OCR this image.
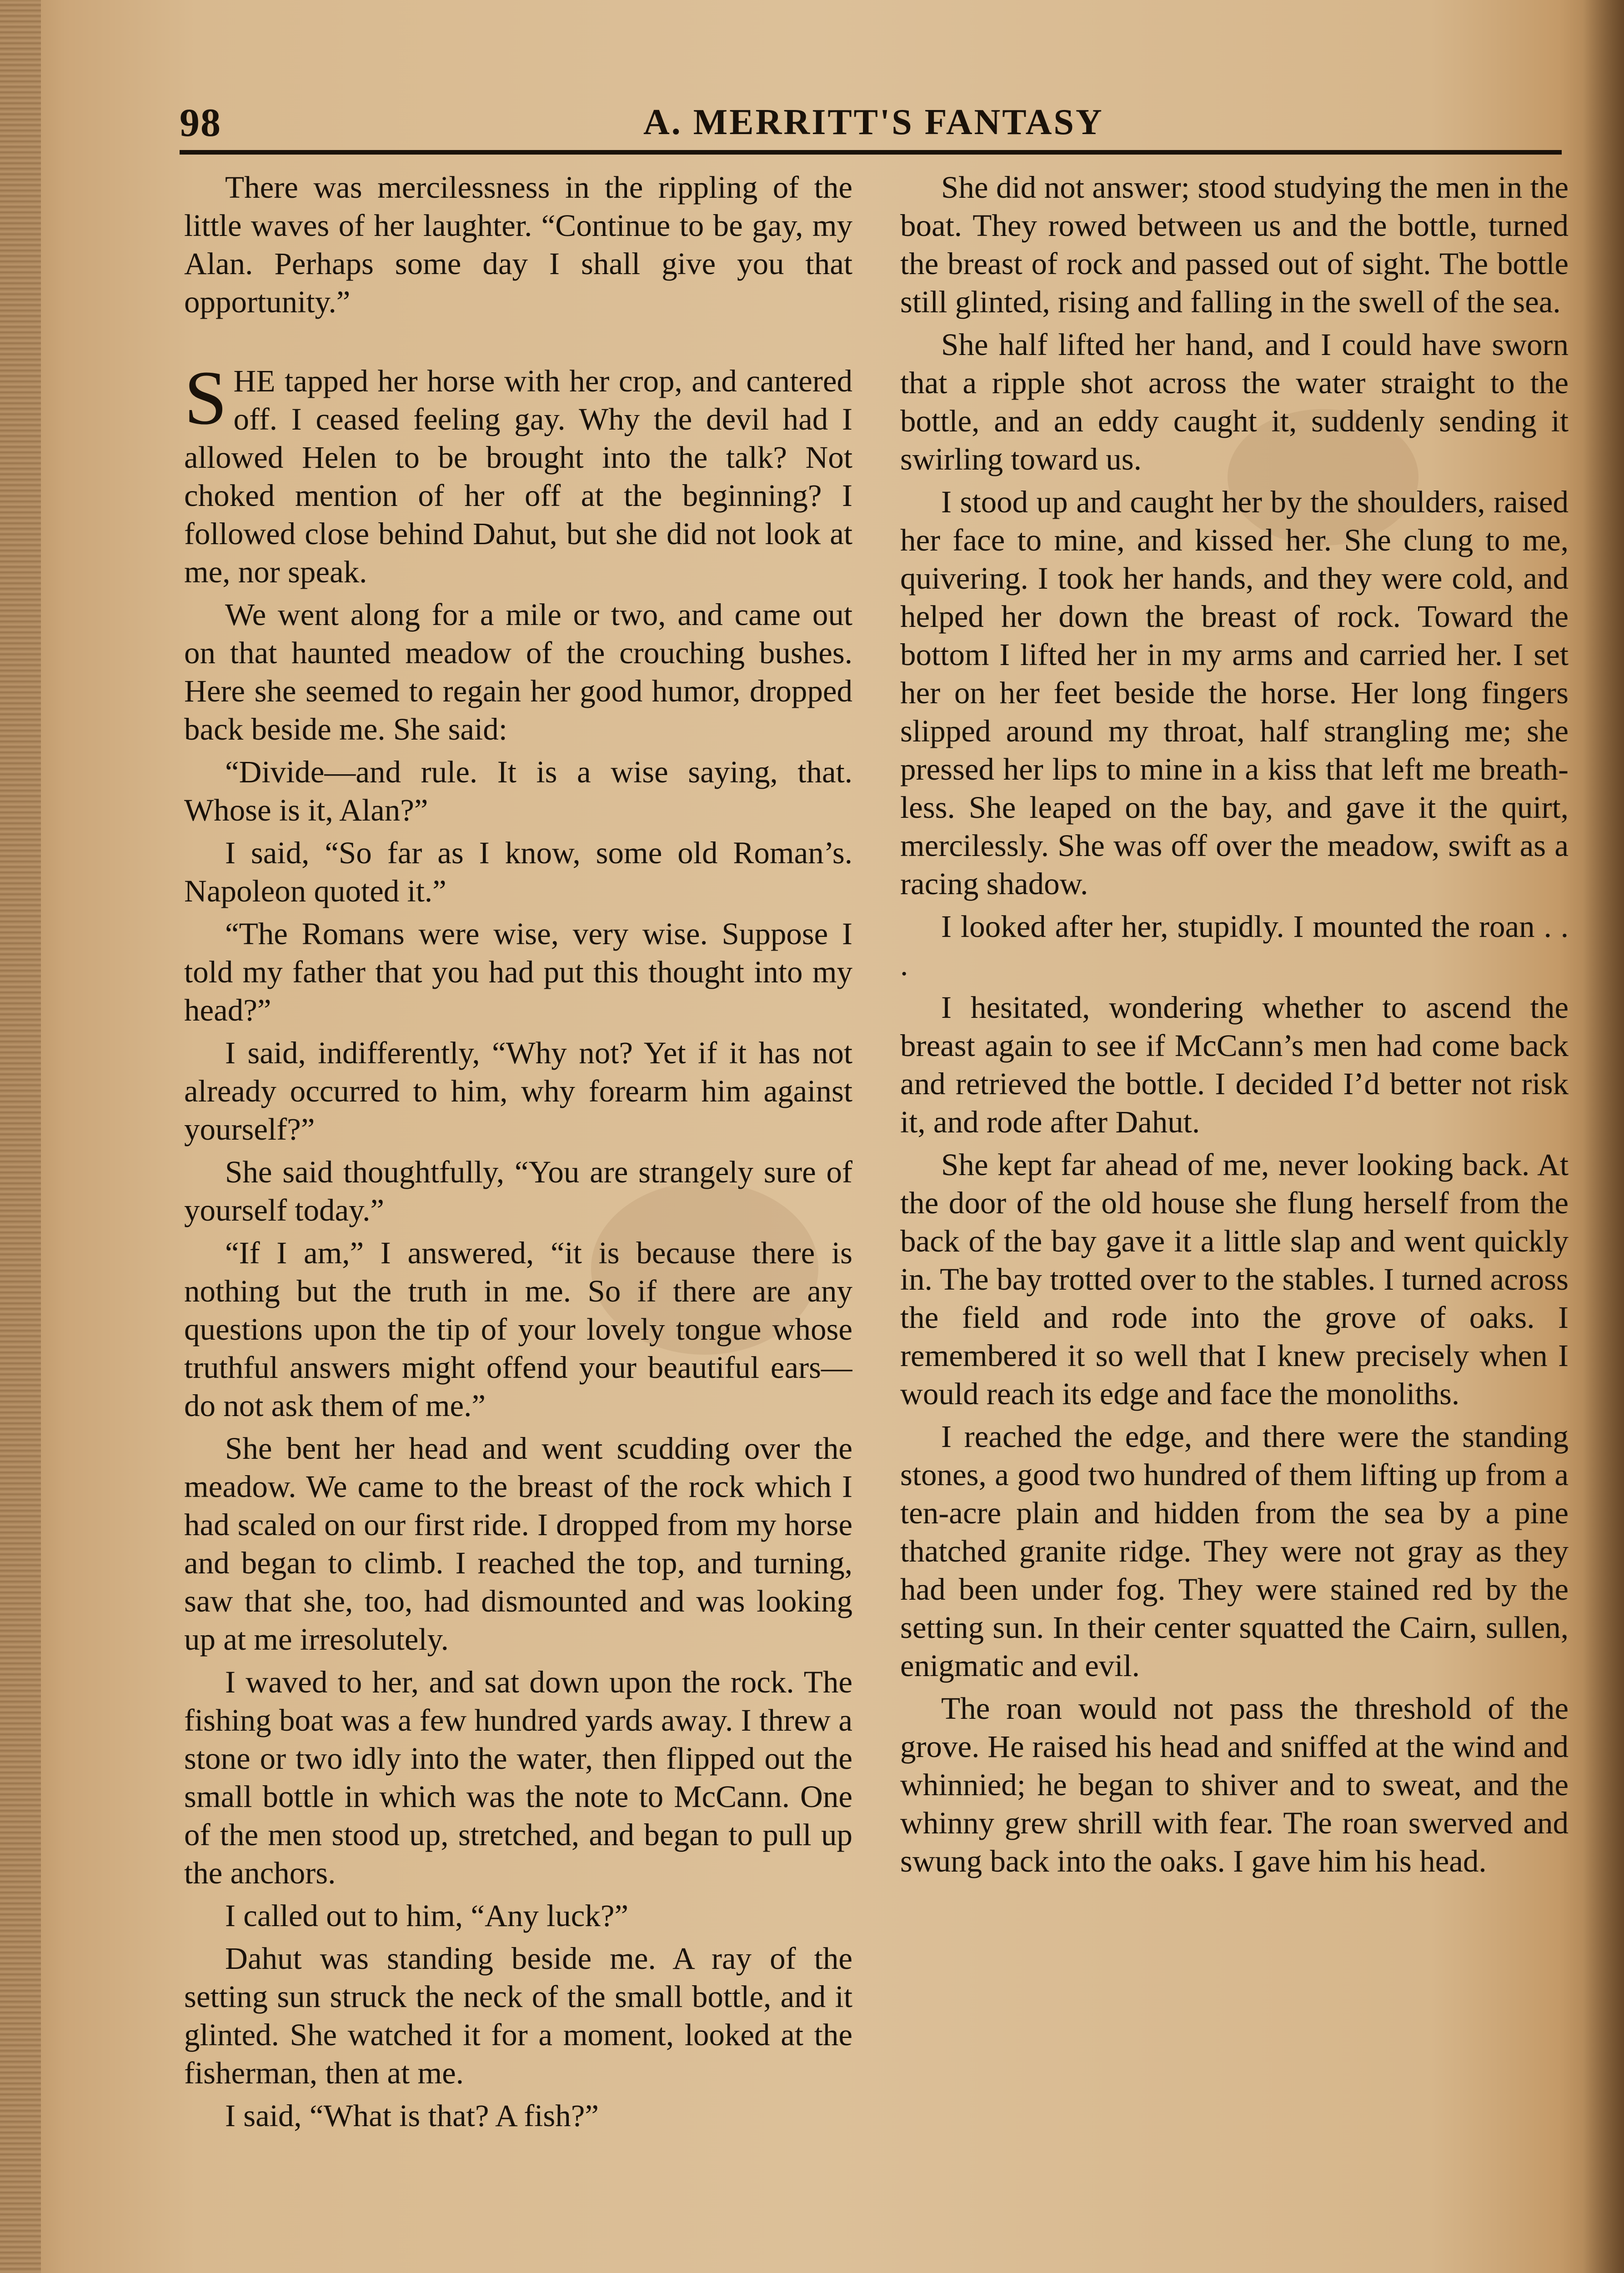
98	A. MERRITT'S FANTASY

There was mercilessness in the rippling of the little waves of her laughter. “Continue to be gay, my Alan. Perhaps some day I shall give you that opportunity.”

SHE tapped her horse with her crop, and cantered off. I ceased feeling gay. Why the devil had I allowed Helen to be brought into the talk? Not choked mention of her off at the beginning? I followed close behind Dahut, but she did not look at me, nor speak.

We went along for a mile or two, and came out on that haunted meadow of the crouching bushes. Here she seemed to regain her good humor, dropped back beside me. She said:

“Divide—and rule. It is a wise saying, that. Whose is it, Alan?”

I said, “So far as I know, some old Roman’s. Napoleon quoted it.”

“The Romans were wise, very wise. Suppose I told my father that you had put this thought into my head?”

I said, indifferently, “Why not? Yet if it has not already occurred to him, why forearm him against yourself?”

She said thoughtfully, “You are strangely sure of yourself today.”

“If I am,” I answered, “it is because there is nothing but the truth in me. So if there are any questions upon the tip of your lovely tongue whose truthful answers might offend your beautiful ears—do not ask them of me.”

She bent her head and went scudding over the meadow. We came to the breast of the rock which I had scaled on our first ride. I dropped from my horse and began to climb. I reached the top, and turning, saw that she, too, had dismounted and was looking up at me irresolutely.

I waved to her, and sat down upon the rock. The fishing boat was a few hundred yards away. I threw a stone or two idly into the water, then flipped out the small bottle in which was the note to McCann. One of the men stood up, stretched, and began to pull up the anchors.

I called out to him, “Any luck?”

Dahut was standing beside me. A ray of the setting sun struck the neck of the small bottle, and it glinted. She watched it for a moment, looked at the fisherman, then at me.

I said, “What is that? A fish?”

She did not answer; stood studying the men in the boat. They rowed between us and the bottle, turned the breast of rock and passed out of sight. The bottle still glinted, rising and falling in the swell of the sea.

She half lifted her hand, and I could have sworn that a ripple shot across the water straight to the bottle, and an eddy caught it, suddenly sending it swirling toward us.

I stood up and caught her by the shoulders, raised her face to mine, and kissed her. She clung to me, quivering. I took her hands, and they were cold, and helped her down the breast of rock. Toward the bottom I lifted her in my arms and carried her. I set her on her feet beside the horse. Her long fingers slipped around my throat, half strangling me; she pressed her lips to mine in a kiss that left me breathless. She leaped on the bay, and gave it the quirt, mercilessly. She was off over the meadow, swift as a racing shadow.

I looked after her, stupidly. I mounted the roan . . .

I hesitated, wondering whether to ascend the breast again to see if McCann’s men had come back and retrieved the bottle. I decided I’d better not risk it, and rode after Dahut.

She kept far ahead of me, never looking back. At the door of the old house she flung herself from the back of the bay gave it a little slap and went quickly in. The bay trotted over to the stables. I turned across the field and rode into the grove of oaks. I remembered it so well that I knew precisely when I would reach its edge and face the monoliths.

I reached the edge, and there were the standing stones, a good two hundred of them lifting up from a ten-acre plain and hidden from the sea by a pine thatched granite ridge. They were not gray as they had been under fog. They were stained red by the setting sun. In their center squatted the Cairn, sullen, enigmatic and evil.

The roan would not pass the threshold of the grove. He raised his head and sniffed at the wind and whinnied; he began to shiver and to sweat, and the whinny grew shrill with fear. The roan swerved and swung back into the oaks. I gave him his head.
